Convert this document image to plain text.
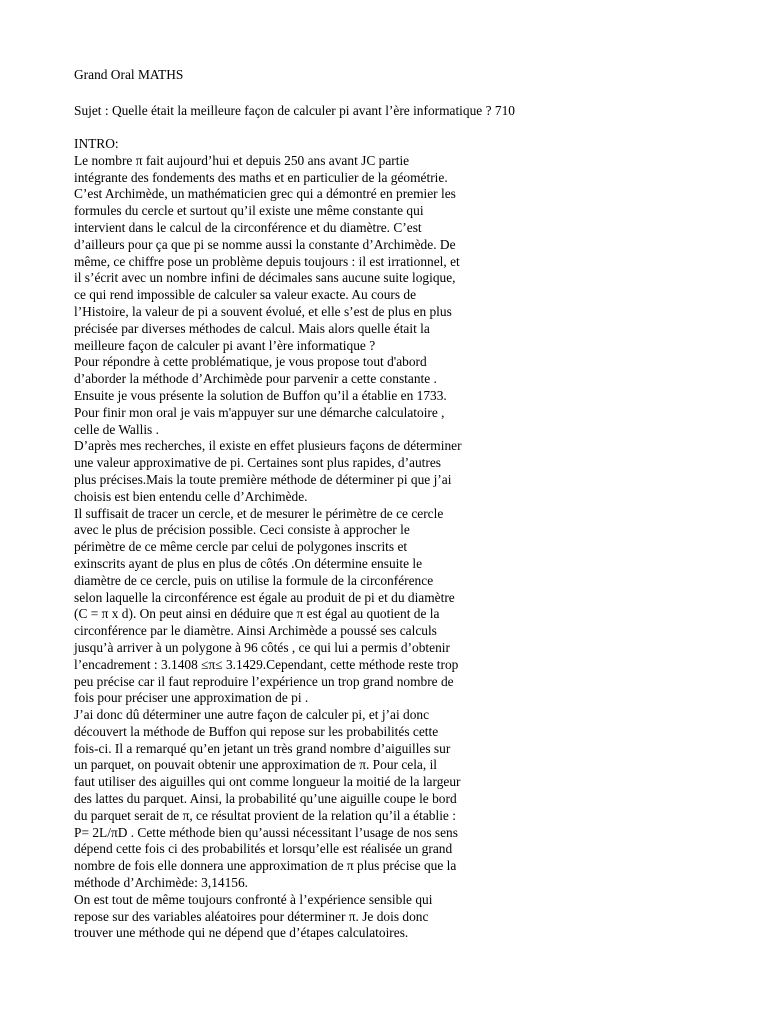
Grand Oral MATHS

Sujet : Quelle était la meilleure façon de calculer pi avant l’ère informatique ? 710

INTRO:
Le nombre π fait aujourd’hui et depuis 250 ans avant JC partie
intégrante des fondements des maths et en particulier de la géométrie.
C’est Archimède, un mathématicien grec qui a démontré en premier les
formules du cercle et surtout qu’il existe une même constante qui
intervient dans le calcul de la circonférence et du diamètre. C’est
d’ailleurs pour ça que pi se nomme aussi la constante d’Archimède. De
même, ce chiffre pose un problème depuis toujours : il est irrationnel, et
il s’écrit avec un nombre infini de décimales sans aucune suite logique,
ce qui rend impossible de calculer sa valeur exacte. Au cours de
l’Histoire, la valeur de pi a souvent évolué, et elle s’est de plus en plus
précisée par diverses méthodes de calcul. Mais alors quelle était la
meilleure façon de calculer pi avant l’ère informatique ?
Pour répondre à cette problématique, je vous propose tout d'abord
d’aborder la méthode d’Archimède pour parvenir a cette constante .
Ensuite je vous présente la solution de Buffon qu’il a établie en 1733.
Pour finir mon oral je vais m'appuyer sur une démarche calculatoire ,
celle de Wallis .
D’après mes recherches, il existe en effet plusieurs façons de déterminer
une valeur approximative de pi. Certaines sont plus rapides, d’autres
plus précises.Mais la toute première méthode de déterminer pi que j’ai
choisis est bien entendu celle d’Archimède.
Il suffisait de tracer un cercle, et de mesurer le périmètre de ce cercle
avec le plus de précision possible. Ceci consiste à approcher le
périmètre de ce même cercle par celui de polygones inscrits et
exinscrits ayant de plus en plus de côtés .On détermine ensuite le
diamètre de ce cercle, puis on utilise la formule de la circonférence
selon laquelle la circonférence est égale au produit de pi et du diamètre
(C = π x d). On peut ainsi en déduire que π est égal au quotient de la
circonférence par le diamètre. Ainsi Archimède a poussé ses calculs
jusqu’à arriver à un polygone à 96 côtés , ce qui lui a permis d’obtenir
l’encadrement : 3.1408 ≤π≤ 3.1429.Cependant, cette méthode reste trop
peu précise car il faut reproduire l’expérience un trop grand nombre de
fois pour préciser une approximation de pi .
J’ai donc dû déterminer une autre façon de calculer pi, et j’ai donc
découvert la méthode de Buffon qui repose sur les probabilités cette
fois-ci. Il a remarqué qu’en jetant un très grand nombre d’aiguilles sur
un parquet, on pouvait obtenir une approximation de π. Pour cela, il
faut utiliser des aiguilles qui ont comme longueur la moitié de la largeur
des lattes du parquet. Ainsi, la probabilité qu’une aiguille coupe le bord
du parquet serait de π, ce résultat provient de la relation qu’il a établie :
P= 2L/πD . Cette méthode bien qu’aussi nécessitant l’usage de nos sens
dépend cette fois ci des probabilités et lorsqu’elle est réalisée un grand
nombre de fois elle donnera une approximation de π plus précise que la
méthode d’Archimède: 3,14156.
On est tout de même toujours confronté à l’expérience sensible qui
repose sur des variables aléatoires pour déterminer π. Je dois donc
trouver une méthode qui ne dépend que d’étapes calculatoires.
